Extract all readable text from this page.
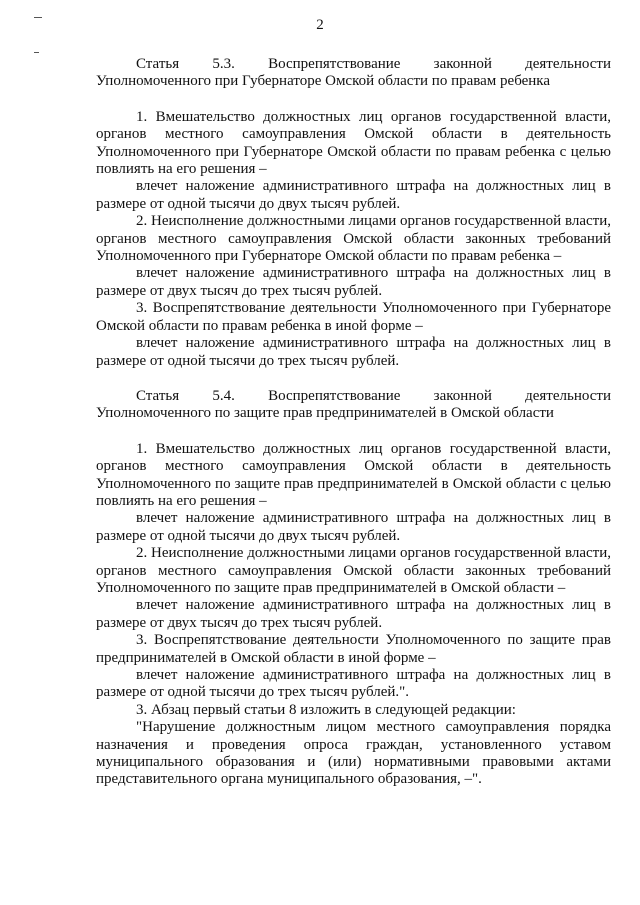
2

Статья 5.3. Воспрепятствование законной деятельности Уполномоченного при Губернаторе Омской области по правам ребенка

1. Вмешательство должностных лиц органов государственной власти, органов местного самоуправления Омской области в деятельность Уполномоченного при Губернаторе Омской области по правам ребенка с целью повлиять на его решения –

влечет наложение административного штрафа на должностных лиц в размере от одной тысячи до двух тысяч рублей.

2. Неисполнение должностными лицами органов государственной власти, органов местного самоуправления Омской области законных требований Уполномоченного при Губернаторе Омской области по правам ребенка –

влечет наложение административного штрафа на должностных лиц в размере от двух тысяч до трех тысяч рублей.

3. Воспрепятствование деятельности Уполномоченного при Губернаторе Омской области по правам ребенка в иной форме –

влечет наложение административного штрафа на должностных лиц в размере от одной тысячи до трех тысяч рублей.

Статья 5.4. Воспрепятствование законной деятельности Уполномоченного по защите прав предпринимателей в Омской области

1. Вмешательство должностных лиц органов государственной власти, органов местного самоуправления Омской области в деятельность Уполномоченного по защите прав предпринимателей в Омской области с целью повлиять на его решения –

влечет наложение административного штрафа на должностных лиц в размере от одной тысячи до двух тысяч рублей.

2. Неисполнение должностными лицами органов государственной власти, органов местного самоуправления Омской области законных требований Уполномоченного по защите прав предпринимателей в Омской области –

влечет наложение административного штрафа на должностных лиц в размере от двух тысяч до трех тысяч рублей.

3. Воспрепятствование деятельности Уполномоченного по защите прав предпринимателей в Омской области в иной форме –

влечет наложение административного штрафа на должностных лиц в размере от одной тысячи до трех тысяч рублей.".

3. Абзац первый статьи 8 изложить в следующей редакции:

"Нарушение должностным лицом местного самоуправления порядка назначения и проведения опроса граждан, установленного уставом муниципального образования и (или) нормативными правовыми актами представительного органа муниципального образования, –".
